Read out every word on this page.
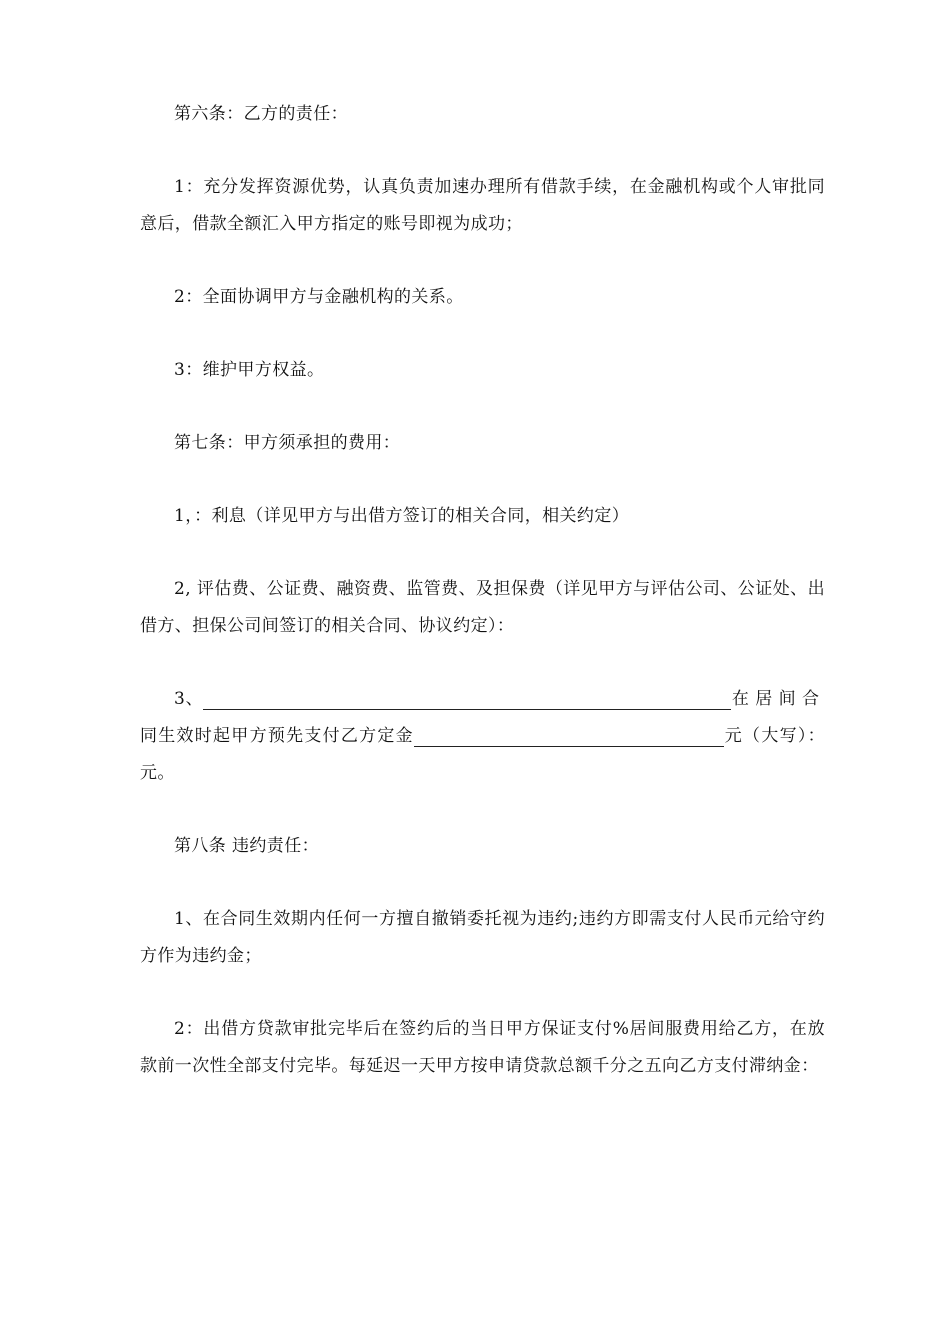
第六条：乙方的责任：

1：充分发挥资源优势，认真负责加速办理所有借款手续，在金融机构或个人审批同意后，借款全额汇入甲方指定的账号即视为成功；

2：全面协调甲方与金融机构的关系。

3：维护甲方权益。

第七条：甲方须承担的费用：

1，：利息（详见甲方与出借方签订的相关合同，相关约定）

2, 评估费、公证费、融资费、监管费、及担保费（详见甲方与评估公司、公证处、出借方、担保公司间签订的相关合同、协议约定）：

3、	在居间合同生效时起甲方预先支付乙方定金	元（大写）：元。

第八条 违约责任：

1、在合同生效期内任何一方擅自撤销委托视为违约;违约方即需支付人民币元给守约方作为违约金；

2：出借方贷款审批完毕后在签约后的当日甲方保证支付%居间服费用给乙方，在放款前一次性全部支付完毕。每延迟一天甲方按申请贷款总额千分之五向乙方支付滞纳金：
